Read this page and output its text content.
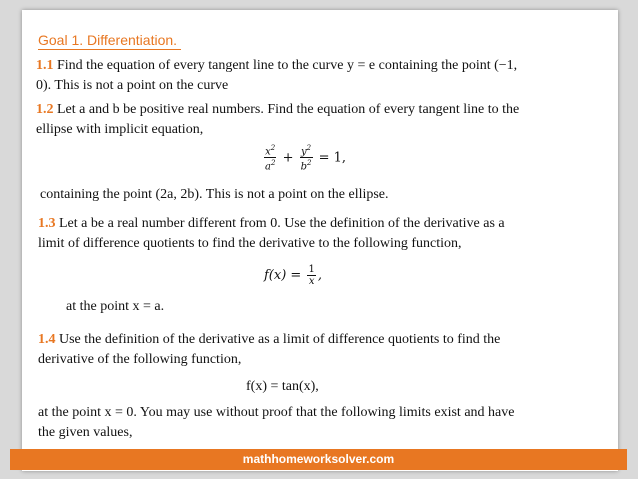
Goal 1. Differentiation.
1.1 Find the equation of every tangent line to the curve y = e containing the point (−1,
0). This is not a point on the curve
1.2 Let a and b be positive real numbers. Find the equation of every tangent line to the
ellipse with implicit equation,
$\frac{x^2}{a^2} + \frac{y^2}{b^2} = 1$,
containing the point (2a, 2b). This is not a point on the ellipse.
1.3 Let a be a real number different from 0. Use the definition of the derivative as a
limit of difference quotients to find the derivative to the following function,
$f(x) = \frac{1}{x}$ ,
at the point x = a.
1.4 Use the definition of the derivative as a limit of difference quotients to find the
derivative of the following function,
f(x) = tan(x),
at the point x = 0. You may use without proof that the following limits exist and have
the given values,
mathhomeworksolver.com
